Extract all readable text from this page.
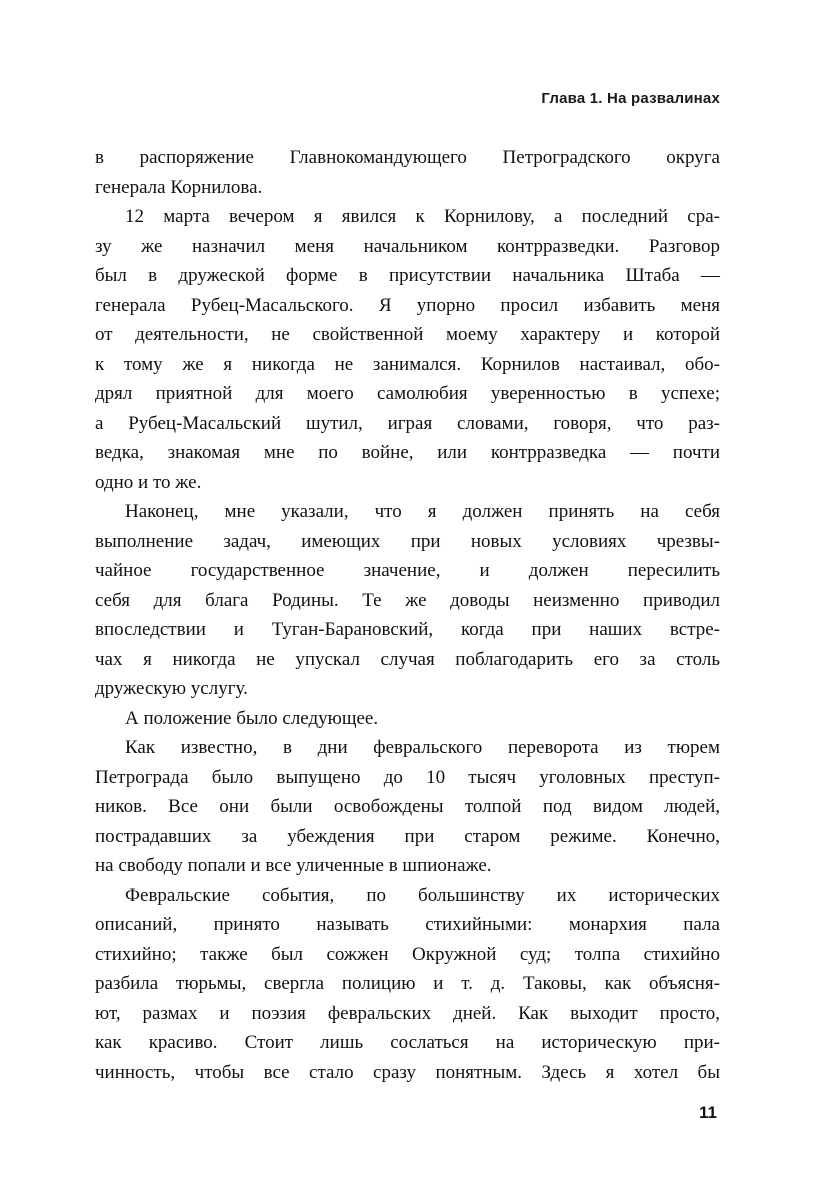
Глава 1. На развалинах
в распоряжение Главнокомандующего Петроградского округа
генерала Корнилова.
12 марта вечером я явился к Корнилову, а последний сра-
зу же назначил меня начальником контрразведки. Разговор
был в дружеской форме в присутствии начальника Штаба —
генерала Рубец-Масальского. Я упорно просил избавить меня
от деятельности, не свойственной моему характеру и которой
к тому же я никогда не занимался. Корнилов настаивал, обо-
дрял приятной для моего самолюбия уверенностью в успехе;
а Рубец-Масальский шутил, играя словами, говоря, что раз-
ведка, знакомая мне по войне, или контрразведка — почти
одно и то же.
Наконец, мне указали, что я должен принять на себя
выполнение задач, имеющих при новых условиях чрезвы-
чайное государственное значение, и должен пересилить
себя для блага Родины. Те же доводы неизменно приводил
впоследствии и Туган-Барановский, когда при наших встре-
чах я никогда не упускал случая поблагодарить его за столь
дружескую услугу.
А положение было следующее.
Как известно, в дни февральского переворота из тюрем
Петрограда было выпущено до 10 тысяч уголовных преступ-
ников. Все они были освобождены толпой под видом людей,
пострадавших за убеждения при старом режиме. Конечно,
на свободу попали и все уличенные в шпионаже.
Февральские события, по большинству их исторических
описаний, принято называть стихийными: монархия пала
стихийно; также был сожжен Окружной суд; толпа стихийно
разбила тюрьмы, свергла полицию и т. д. Таковы, как объясня-
ют, размах и поэзия февральских дней. Как выходит просто,
как красиво. Стоит лишь сослаться на историческую при-
чинность, чтобы все стало сразу понятным. Здесь я хотел бы
11
